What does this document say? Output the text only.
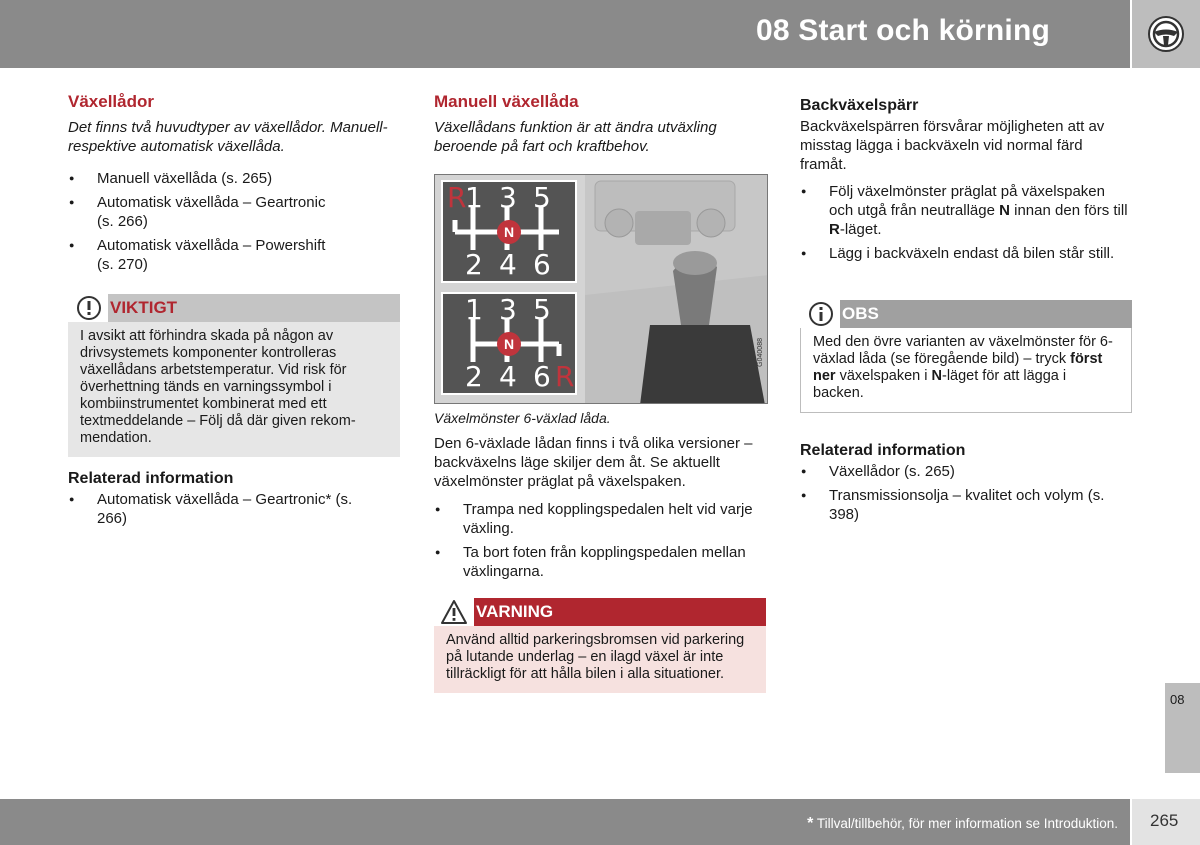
08 Start och körning
Växellådor

Det finns två huvudtyper av växellådor. Manuell- respektive automatisk växellåda.

● Manuell växellåda (s. 265)
● Automatisk växellåda – Geartronic (s. 266)
● Automatisk växellåda – Powershift (s. 270)
VIKTIGT
I avsikt att förhindra skada på någon av drivsystemets komponenter kontrolleras växellådans arbetstemperatur. Vid risk för överhettning tänds en varningssymbol i kombiinstrumentet kombinerat med ett textmeddelande – Följ då där given rekommendation.
Relaterad information
● Automatisk växellåda – Geartronic* (s. 266)
Manuell växellåda

Växellådans funktion är att ändra utväxling beroende på fart och kraftbehov.

R
1 3 5
N
2 4 6
1 3 5
N
2 4 6 R
G040088
Växelmönster 6-växlad låda.

Den 6-växlade lådan finns i två olika versioner – backväxelns läge skiljer dem åt. Se aktuellt växelmönster präglat på växelspaken.

● Trampa ned kopplingspedalen helt vid varje växling.
● Ta bort foten från kopplingspedalen mellan växlingarna.
VARNING
Använd alltid parkeringsbromsen vid parkering på lutande underlag – en ilagd växel är inte tillräckligt för att hålla bilen i alla situationer.
Backväxelspärr

Backväxelspärren försvårar möjligheten att av misstag lägga i backväxeln vid normal färd framåt.

● Följ växelmönster präglat på växelspaken och utgå från neutralläge N innan den förs till R-läget.
● Lägg i backväxeln endast då bilen står still.
OBS
Med den övre varianten av växelmönster för 6-växlad låda (se föregående bild) – tryck först ner växelspaken i N-läget för att lägga i backen.
Relaterad information
● Växellådor (s. 265)
● Transmissionsolja – kvalitet och volym (s. 398)
08
* Tillval/tillbehör, för mer information se Introduktion. 265
